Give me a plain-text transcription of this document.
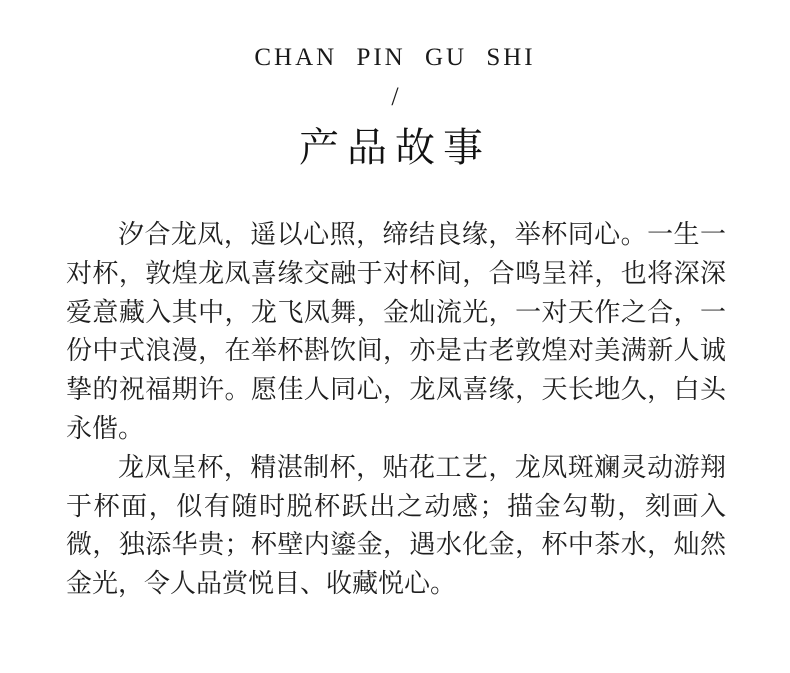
CHAN PIN GU SHI
/
产品故事

汐合龙凤，遥以心照，缔结良缘，举杯同心。一生一对杯，敦煌龙凤喜缘交融于对杯间，合鸣呈祥，也将深深爱意藏入其中，龙飞凤舞，金灿流光，一对天作之合，一份中式浪漫，在举杯斟饮间，亦是古老敦煌对美满新人诚挚的祝福期许。愿佳人同心，龙凤喜缘，天长地久，白头永偕。

龙凤呈杯，精湛制杯，贴花工艺，龙凤斑斓灵动游翔于杯面，似有随时脱杯跃出之动感；描金勾勒，刻画入微，独添华贵；杯壁内鎏金，遇水化金，杯中茶水，灿然金光，令人品赏悦目、收藏悦心。
